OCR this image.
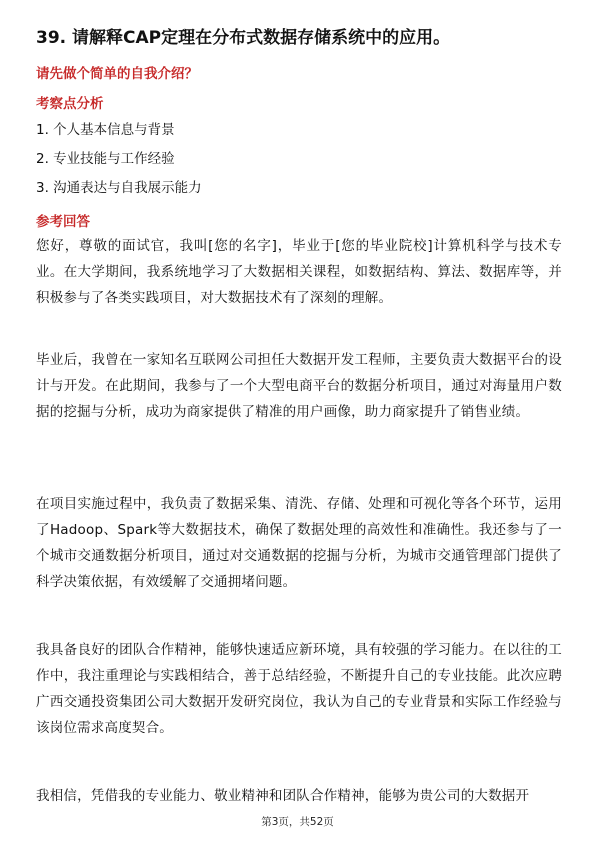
39. 请解释CAP定理在分布式数据存储系统中的应用。
请先做个简单的自我介绍？
考察点分析
1. 个人基本信息与背景
2. 专业技能与工作经验
3. 沟通表达与自我展示能力
参考回答
您好，尊敬的面试官，我叫[您的名字]，毕业于[您的毕业院校]计算机科学与技术专业。在大学期间，我系统地学习了大数据相关课程，如数据结构、算法、数据库等，并积极参与了各类实践项目，对大数据技术有了深刻的理解。
毕业后，我曾在一家知名互联网公司担任大数据开发工程师，主要负责大数据平台的设计与开发。在此期间，我参与了一个大型电商平台的数据分析项目，通过对海量用户数据的挖掘与分析，成功为商家提供了精准的用户画像，助力商家提升了销售业绩。
在项目实施过程中，我负责了数据采集、清洗、存储、处理和可视化等各个环节，运用了Hadoop、Spark等大数据技术，确保了数据处理的高效性和准确性。我还参与了一个城市交通数据分析项目，通过对交通数据的挖掘与分析，为城市交通管理部门提供了科学决策依据，有效缓解了交通拥堵问题。
我具备良好的团队合作精神，能够快速适应新环境，具有较强的学习能力。在以往的工作中，我注重理论与实践相结合，善于总结经验，不断提升自己的专业技能。此次应聘广西交通投资集团公司大数据开发研究岗位，我认为自己的专业背景和实际工作经验与该岗位需求高度契合。
我相信，凭借我的专业能力、敬业精神和团队合作精神，能够为贵公司的大数据开
第3页，共52页
